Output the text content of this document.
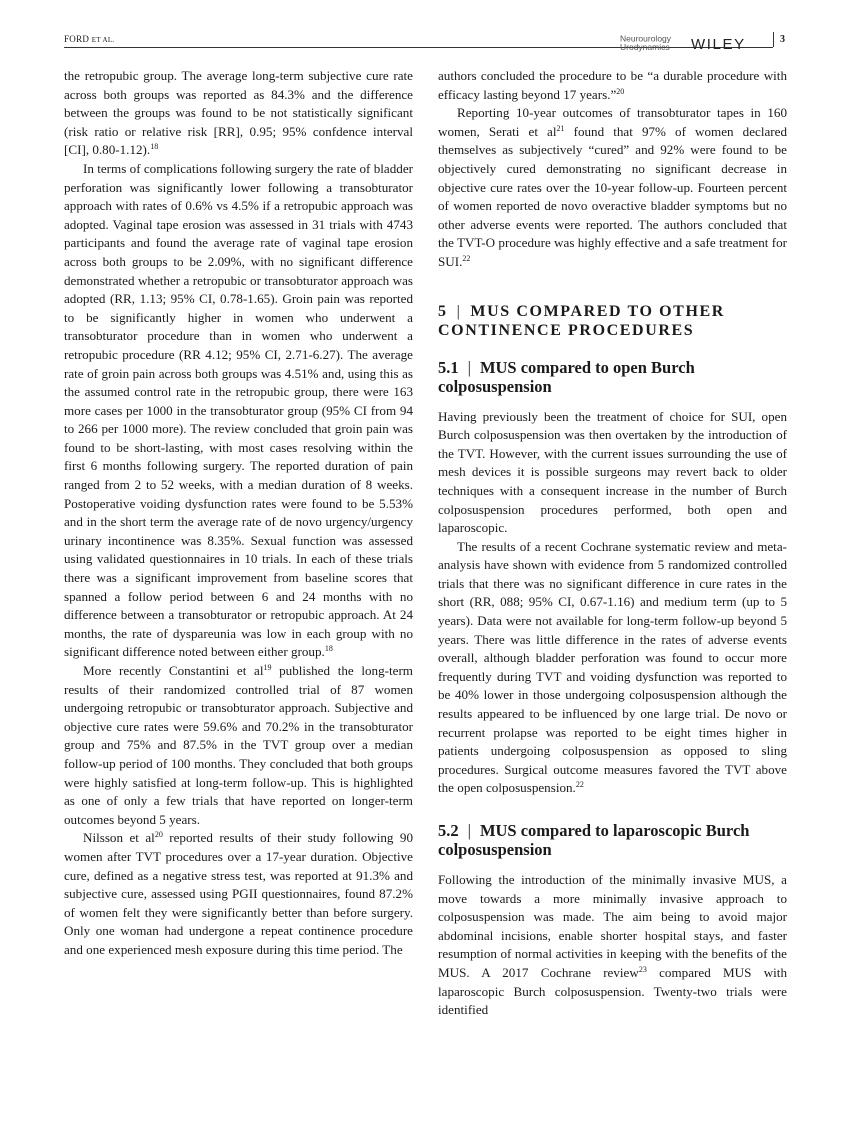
FORD ET AL.	Neurourology
Urodynamics WILEY	3

the retropubic group. The average long-term subjective cure rate across both groups was reported as 84.3% and the difference between the groups was found to be not statistically significant (risk ratio or relative risk [RR], 0.95; 95% confdence interval [CI], 0.80-1.12).$^{18}$

In terms of complications following surgery the rate of bladder perforation was significantly lower following a transobturator approach with rates of 0.6% vs 4.5% if a retropubic approach was adopted. Vaginal tape erosion was assessed in 31 trials with 4743 participants and found the average rate of vaginal tape erosion across both groups to be 2.09%, with no significant difference demonstrated whether a retropubic or transobturator approach was adopted (RR, 1.13; 95% CI, 0.78-1.65). Groin pain was reported to be significantly higher in women who underwent a transobturator procedure than in women who underwent a retropubic procedure (RR 4.12; 95% CI, 2.71-6.27). The average rate of groin pain across both groups was 4.51% and, using this as the assumed control rate in the retropubic group, there were 163 more cases per 1000 in the transobturator group (95% CI from 94 to 266 per 1000 more). The review concluded that groin pain was found to be short-lasting, with most cases resolving within the first 6 months following surgery. The reported duration of pain ranged from 2 to 52 weeks, with a median duration of 8 weeks. Postoperative voiding dysfunction rates were found to be 5.53% and in the short term the average rate of de novo urgency/urgency urinary incontinence was 8.35%. Sexual function was assessed using validated questionnaires in 10 trials. In each of these trials there was a significant improvement from baseline scores that spanned a follow period between 6 and 24 months with no difference between a transobturator or retropubic approach. At 24 months, the rate of dyspareunia was low in each group with no significant difference noted between either group.$^{18}$

More recently Constantini et $al^{19}$ published the long-term results of their randomized controlled trial of 87 women undergoing retropubic or transobturator approach. Subjective and objective cure rates were 59.6% and 70.2% in the transobturator group and 75% and 87.5% in the TVT group over a median follow-up period of 100 months. They concluded that both groups were highly satisfied at long-term follow-up. This is highlighted as one of only a few trials that have reported on longer-term outcomes beyond 5 years.

Nilsson et $al^{20}$ reported results of their study following 90 women after TVT procedures over a 17-year duration. Objective cure, defined as a negative stress test, was reported at 91.3% and subjective cure, assessed using PGII questionnaires, found 87.2% of women felt they were significantly better than before surgery. Only one woman had undergone a repeat continence procedure and one experienced mesh exposure during this time period. The

authors concluded the procedure to be “a durable procedure with efficacy lasting beyond 17 years.”$^{20}$

Reporting 10-year outcomes of transobturator tapes in 160 women, Serati et $al^{21}$ found that 97% of women declared themselves as subjectively “cured” and 92% were found to be objectively cured demonstrating no significant decrease in objective cure rates over the 10-year follow-up. Fourteen percent of women reported de novo overactive bladder symptoms but no other adverse events were reported. The authors concluded that the TVT-O procedure was highly effective and a safe treatment for SUI.$^{22}$

5 | MUS COMPARED TO OTHER CONTINENCE PROCEDURES
5.1 | MUS compared to open Burch colposuspension

Having previously been the treatment of choice for SUI, open Burch colposuspension was then overtaken by the introduction of the TVT. However, with the current issues surrounding the use of mesh devices it is possible surgeons may revert back to older techniques with a consequent increase in the number of Burch colposuspension procedures performed, both open and laparoscopic.

The results of a recent Cochrane systematic review and meta-analysis have shown with evidence from 5 randomized controlled trials that there was no significant difference in cure rates in the short (RR, 088; 95% CI, 0.67-1.16) and medium term (up to 5 years). Data were not available for long-term follow-up beyond 5 years. There was little difference in the rates of adverse events overall, although bladder perforation was found to occur more frequently during TVT and voiding dysfunction was reported to be 40% lower in those undergoing colposuspension although the results appeared to be influenced by one large trial. De novo or recurrent prolapse was reported to be eight times higher in patients undergoing colposuspension as opposed to sling procedures. Surgical outcome measures favored the TVT above the open colposuspension.$^{22}$

5.2 | MUS compared to laparoscopic Burch colposuspension

Following the introduction of the minimally invasive MUS, a move towards a more minimally invasive approach to colposuspension was made. The aim being to avoid major abdominal incisions, enable shorter hospital stays, and faster resumption of normal activities in keeping with the benefits of the MUS. A 2017 Cochrane review$^{23}$ compared MUS with laparoscopic Burch colposuspension. Twenty-two trials were identified
